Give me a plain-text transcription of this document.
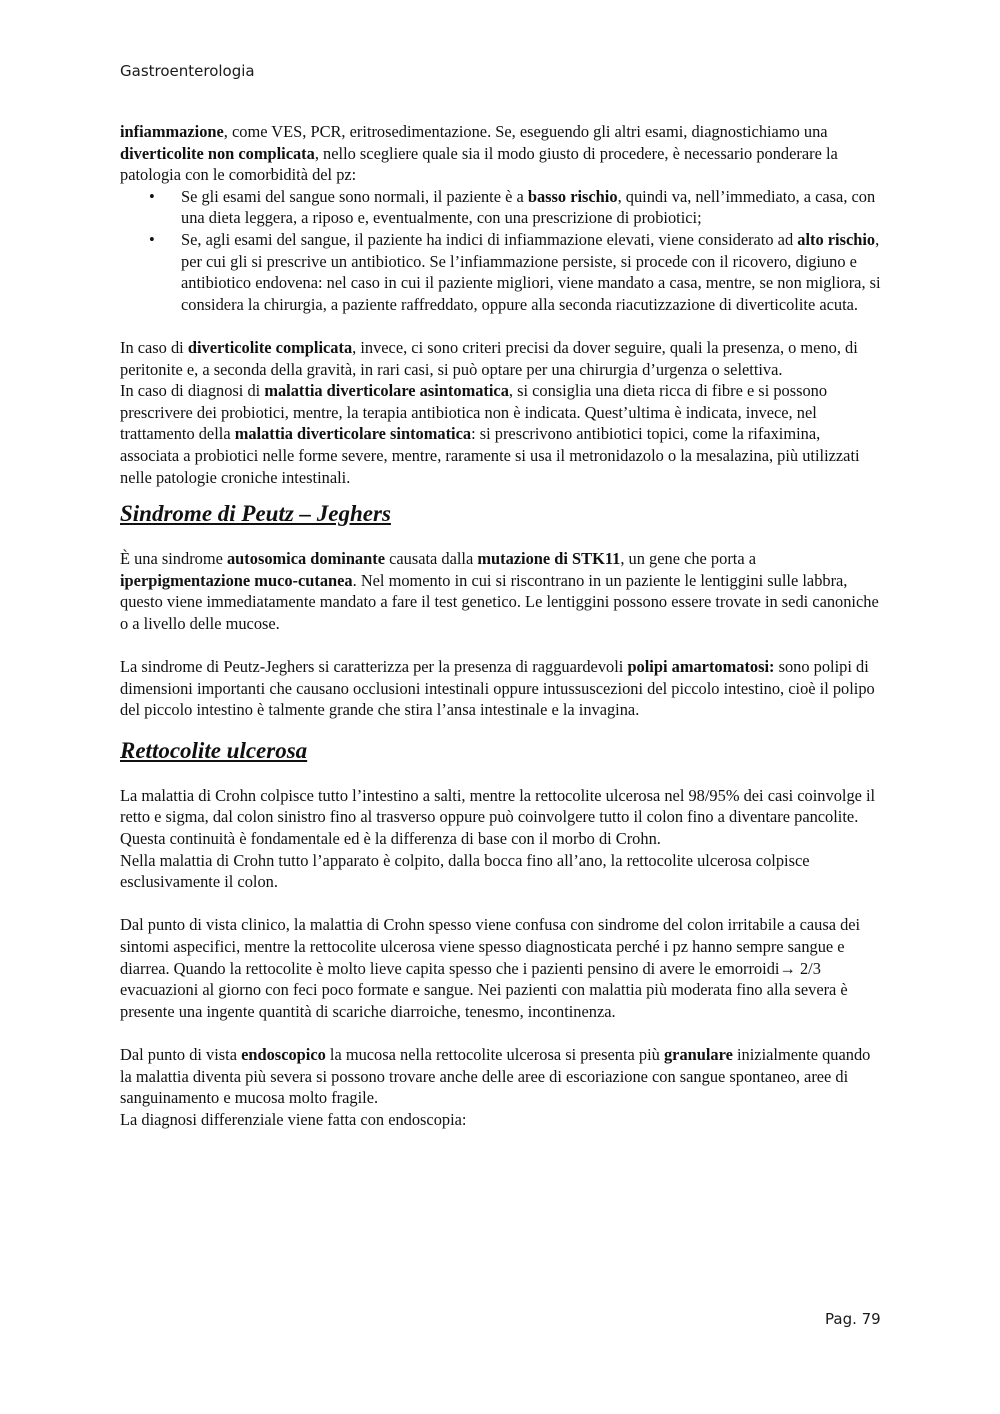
Gastroenterologia

infiammazione, come VES, PCR, eritrosedimentazione. Se, eseguendo gli altri esami, diagnostichiamo una diverticolite non complicata, nello scegliere quale sia il modo giusto di procedere, è necessario ponderare la patologia con le comorbidità del pz:

• Se gli esami del sangue sono normali, il paziente è a basso rischio, quindi va, nell’immediato, a casa, con una dieta leggera, a riposo e, eventualmente, con una prescrizione di probiotici;
• Se, agli esami del sangue, il paziente ha indici di infiammazione elevati, viene considerato ad alto rischio, per cui gli si prescrive un antibiotico. Se l’infiammazione persiste, si procede con il ricovero, digiuno e antibiotico endovena: nel caso in cui il paziente migliori, viene mandato a casa, mentre, se non migliora, si considera la chirurgia, a paziente raffreddato, oppure alla seconda riacutizzazione di diverticolite acuta.

In caso di diverticolite complicata, invece, ci sono criteri precisi da dover seguire, quali la presenza, o meno, di peritonite e, a seconda della gravità, in rari casi, si può optare per una chirurgia d’urgenza o selettiva.

In caso di diagnosi di malattia diverticolare asintomatica, si consiglia una dieta ricca di fibre e si possono prescrivere dei probiotici, mentre, la terapia antibiotica non è indicata. Quest’ultima è indicata, invece, nel trattamento della malattia diverticolare sintomatica: si prescrivono antibiotici topici, come la rifaximina, associata a probiotici nelle forme severe, mentre, raramente si usa il metronidazolo o la mesalazina, più utilizzati nelle patologie croniche intestinali.

Sindrome di Peutz – Jeghers

È una sindrome autosomica dominante causata dalla mutazione di STK11, un gene che porta a iperpigmentazione muco-cutanea. Nel momento in cui si riscontrano in un paziente le lentiggini sulle labbra, questo viene immediatamente mandato a fare il test genetico. Le lentiggini possono essere trovate in sedi canoniche o a livello delle mucose.

La sindrome di Peutz-Jeghers si caratterizza per la presenza di ragguardevoli polipi amartomatosi: sono polipi di dimensioni importanti che causano occlusioni intestinali oppure intussuscezioni del piccolo intestino, cioè il polipo del piccolo intestino è talmente grande che stira l’ansa intestinale e la invagina.

Rettocolite ulcerosa

La malattia di Crohn colpisce tutto l’intestino a salti, mentre la rettocolite ulcerosa nel 98/95% dei casi coinvolge il retto e sigma, dal colon sinistro fino al trasverso oppure può coinvolgere tutto il colon fino a diventare pancolite. Questa continuità è fondamentale ed è la differenza di base con il morbo di Crohn.

Nella malattia di Crohn tutto l’apparato è colpito, dalla bocca fino all’ano, la rettocolite ulcerosa colpisce esclusivamente il colon.

Dal punto di vista clinico, la malattia di Crohn spesso viene confusa con sindrome del colon irritabile a causa dei sintomi aspecifici, mentre la rettocolite ulcerosa viene spesso diagnosticata perché i pz hanno sempre sangue e diarrea. Quando la rettocolite è molto lieve capita spesso che i pazienti pensino di avere le emorroidi→ 2/3 evacuazioni al giorno con feci poco formate e sangue. Nei pazienti con malattia più moderata fino alla severa è presente una ingente quantità di scariche diarroiche, tenesmo, incontinenza.

Dal punto di vista endoscopico la mucosa nella rettocolite ulcerosa si presenta più granulare inizialmente quando la malattia diventa più severa si possono trovare anche delle aree di escoriazione con sangue spontaneo, aree di sanguinamento e mucosa molto fragile.

La diagnosi differenziale viene fatta con endoscopia:

Pag. 79
